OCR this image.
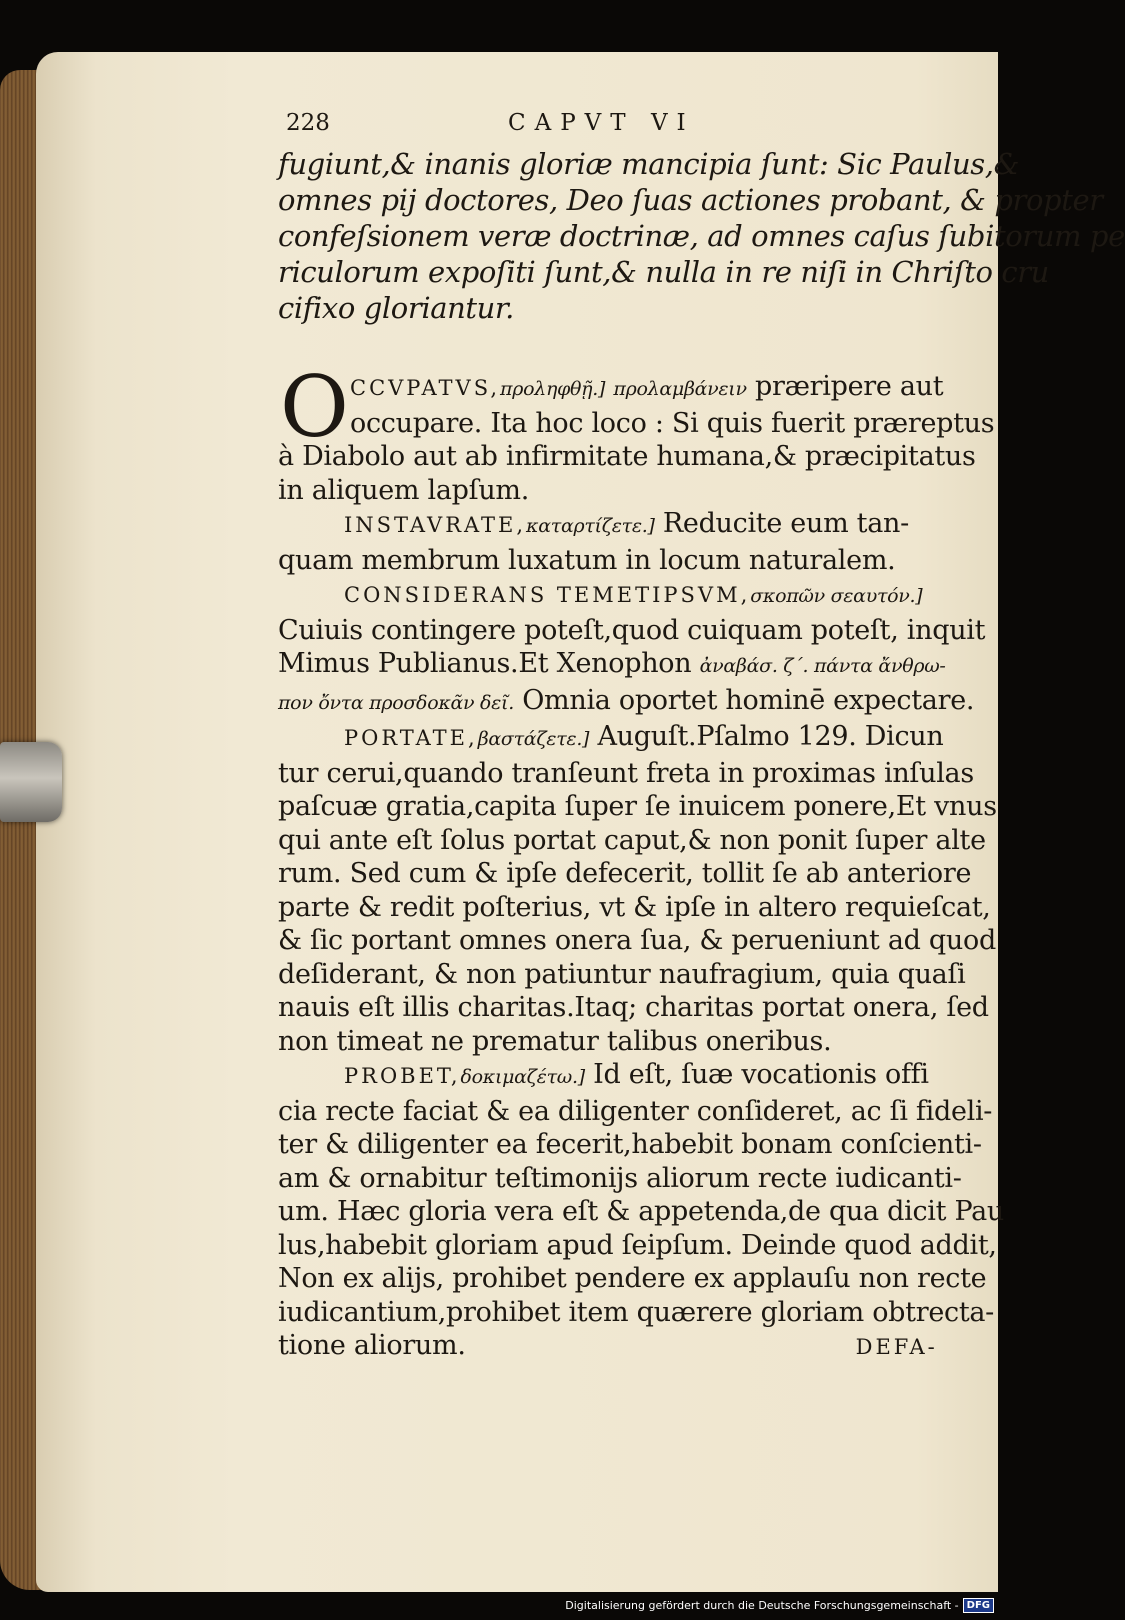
228	CAPVT VI
fugiunt,& inanis gloriæ mancipia ſunt: Sic Paulus,&
omnes pij doctores, Deo ſuas actiones probant, & propter
confeſsionem veræ doctrinæ, ad omnes caſus ſubitorum pe
riculorum expoſiti ſunt,& nulla in re niſi in Chriſto cru
cifixo gloriantur.
O CCVPATVS,προληφθῇ.] προλαμβάνειν præripere aut
occupare. Ita hoc loco : Si quis fuerit præreptus
à Diabolo aut ab infirmitate humana,& præcipitatus
in aliquem lapſum.
INSTAVRATE,καταρτίζετε.] Reducite eum tan-
quam membrum luxatum in locum naturalem.
CONSIDERANS TEMETIPSVM,σκοπῶν σεαυτόν.]
Cuiuis contingere poteſt,quod cuiquam poteſt, inquit
Mimus Publianus.Et Xenophon ἀναβάσ. ζ΄. πάντα ἄνθρω-
πον ὄντα προσδοκᾶν δεῖ. Omnia oportet hominē expectare.
PORTATE,βαστάζετε.] Auguſt.Pſalmo 129. Dicun
tur cerui,quando tranſeunt freta in proximas inſulas
paſcuæ gratia,capita ſuper ſe inuicem ponere,Et vnus
qui ante eſt ſolus portat caput,& non ponit ſuper alte
rum. Sed cum & ipſe defecerit, tollit ſe ab anteriore
parte & redit poſterius, vt & ipſe in altero requieſcat,
& ſic portant omnes onera ſua, & perueniunt ad quod
deſiderant, & non patiuntur naufragium, quia quaſi
nauis eſt illis charitas.Itaq; charitas portat onera, ſed
non timeat ne prematur talibus oneribus.
PROBET,δοκιμαζέτω.] Id eſt, ſuæ vocationis offi
cia recte faciat & ea diligenter conſideret, ac ſi fideli-
ter & diligenter ea fecerit,habebit bonam conſcienti-
am & ornabitur teſtimonijs aliorum recte iudicanti-
um. Hæc gloria vera eſt & appetenda,de qua dicit Pau
lus,habebit gloriam apud ſeipſum. Deinde quod addit,
Non ex alijs, prohibet pendere ex applauſu non recte
iudicantium,prohibet item quærere gloriam obtrecta-
tione aliorum.	DEFA-
Digitalisierung gefördert durch die Deutsche Forschungsgemeinschaft - DFG
